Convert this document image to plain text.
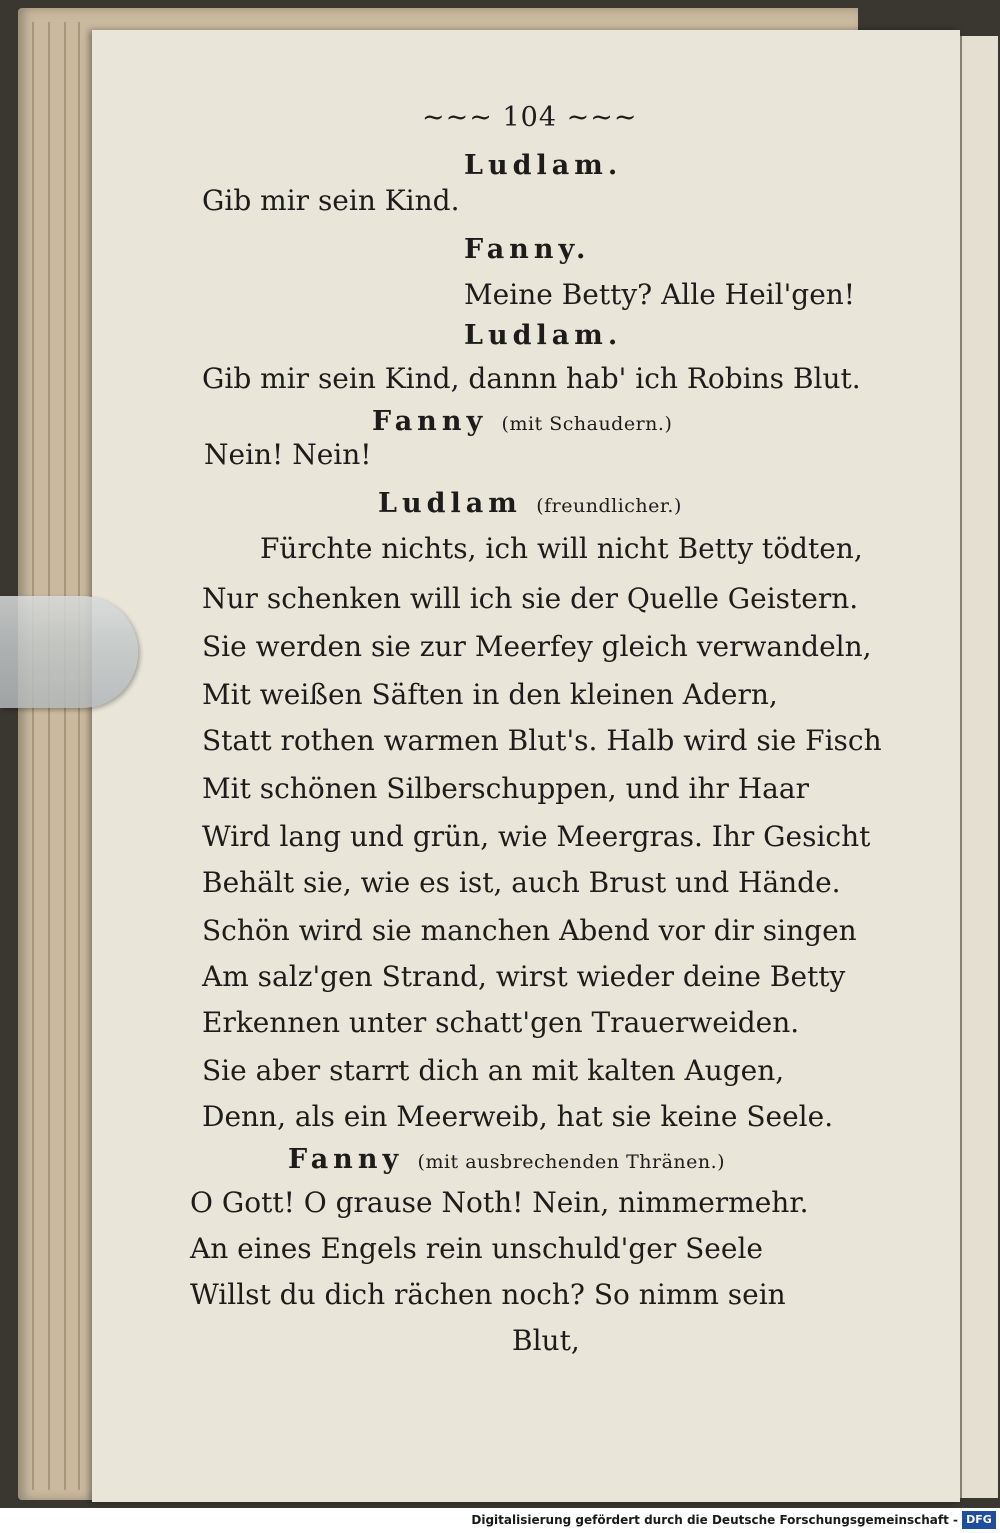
~~~ 104 ~~~
Ludlam.
Gib mir sein Kind.
Fanny.
Meine Betty? Alle Heil'gen!
Ludlam.
Gib mir sein Kind, dannn hab' ich Robins Blut.
Fanny (mit Schaudern.)
Nein! Nein!
Ludlam (freundlicher.)
Fürchte nichts, ich will nicht Betty tödten,
Nur schenken will ich sie der Quelle Geistern.
Sie werden sie zur Meerfey gleich verwandeln,
Mit weißen Säften in den kleinen Adern,
Statt rothen warmen Blut's. Halb wird sie Fisch
Mit schönen Silberschuppen, und ihr Haar
Wird lang und grün, wie Meergras. Ihr Gesicht
Behält sie, wie es ist, auch Brust und Hände.
Schön wird sie manchen Abend vor dir singen
Am salz'gen Strand, wirst wieder deine Betty
Erkennen unter schatt'gen Trauerweiden.
Sie aber starrt dich an mit kalten Augen,
Denn, als ein Meerweib, hat sie keine Seele.
Fanny (mit ausbrechenden Thränen.)
O Gott! O grause Noth! Nein, nimmermehr.
An eines Engels rein unschuld'ger Seele
Willst du dich rächen noch? So nimm sein
Blut,
Digitalisierung gefördert durch die Deutsche Forschungsgemeinschaft - DFG
